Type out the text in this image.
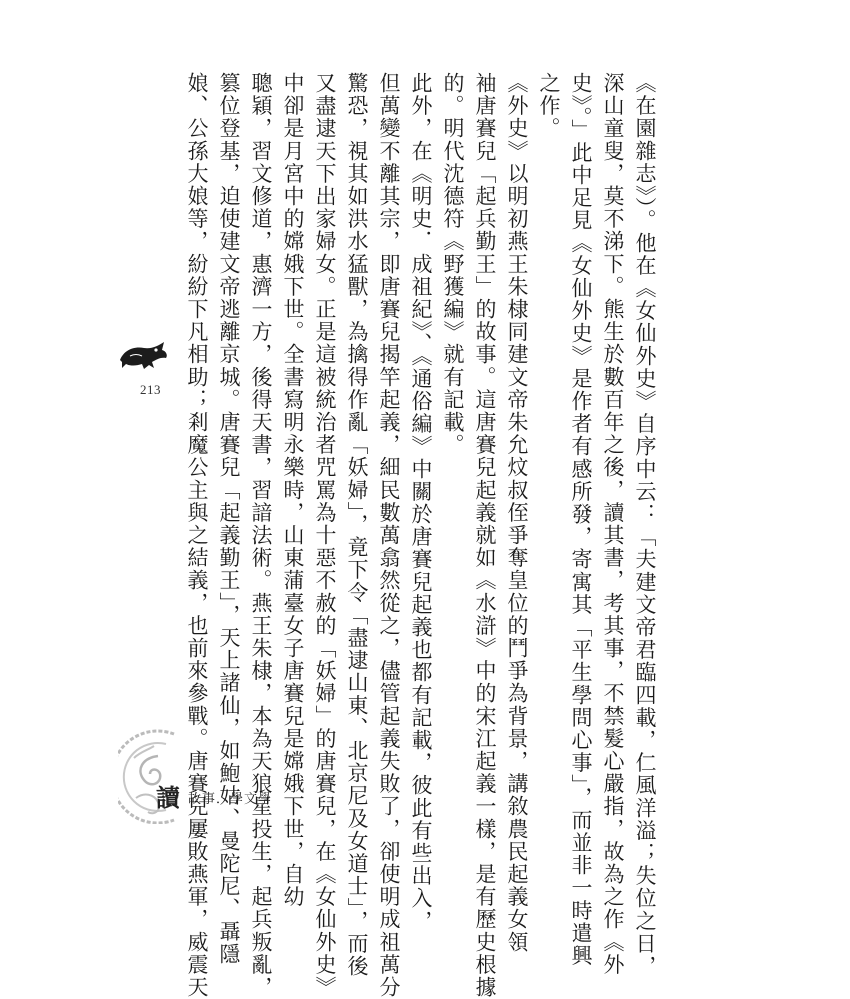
《在園雜志》）。他在《女仙外史》自序中云：「夫建文帝君臨四載，仁風洋溢；失位之日，
深山童叟，莫不涕下。熊生於數百年之後，讀其書，考其事，不禁髮心嚴指，故為之作《外
史》。」此中足見《女仙外史》是作者有感所發，寄寓其「平生學問心事」，而並非一時遣興
之作。
《外史》以明初燕王朱棣同建文帝朱允炆叔侄爭奪皇位的鬥爭為背景，講敘農民起義女領
袖唐賽兒「起兵勤王」的故事。這唐賽兒起義就如《水滸》中的宋江起義一樣，是有歷史根據
的。明代沈德符《野獲編》就有記載。
此外，在《明史．成祖紀》、《通俗編》中關於唐賽兒起義也都有記載，彼此有些出入，
但萬變不離其宗，即唐賽兒揭竿起義，細民數萬翕然從之，儘管起義失敗了，卻使明成祖萬分
驚恐，視其如洪水猛獸，為擒得作亂「妖婦」，竟下令「盡逮山東、北京尼及女道士」，而後
又盡逮天下出家婦女。正是這被統治者咒罵為十惡不赦的「妖婦」的唐賽兒，在《女仙外史》
中卻是月宮中的嫦娥下世。全書寫明永樂時，山東蒲臺女子唐賽兒是嫦娥下世，自幼
聰穎，習文修道，惠濟一方，後得天書，習諳法術。燕王朱棣，本為天狼星投生，起兵叛亂，
篡位登基，迫使建文帝逃離京城。唐賽兒「起義勤王」，天上諸仙，如鮑姑、曼陀尼、聶隱
娘、公孫大娘等，紛紛下凡相助；剎魔公主與之結義，也前來參戰。唐賽兒屢敗燕軍，威震天
213
讀 故事．學文學
